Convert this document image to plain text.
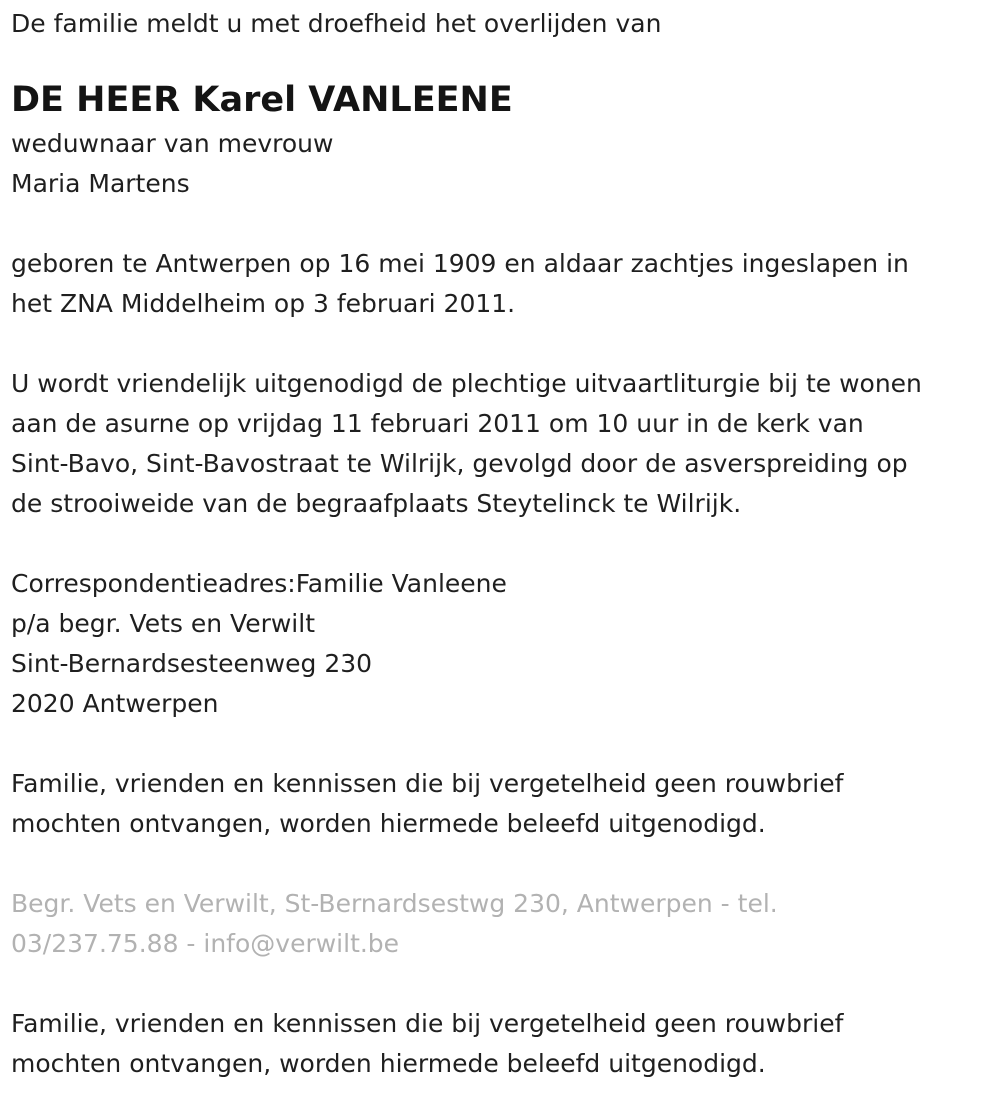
De familie meldt u met droefheid het overlijden van

DE HEER Karel VANLEENE

weduwnaar van mevrouw

Maria Martens

geboren te Antwerpen op 16 mei 1909 en aldaar zachtjes ingeslapen in

het ZNA Middelheim op 3 februari 2011.

U wordt vriendelijk uitgenodigd de plechtige uitvaartliturgie bij te wonen

aan de asurne op vrijdag 11 februari 2011 om 10 uur in de kerk van

Sint-Bavo, Sint-Bavostraat te Wilrijk, gevolgd door de asverspreiding op

de strooiweide van de begraafplaats Steytelinck te Wilrijk.

Correspondentieadres:Familie Vanleene

p/a begr. Vets en Verwilt

Sint-Bernardsesteenweg 230

2020 Antwerpen

Familie, vrienden en kennissen die bij vergetelheid geen rouwbrief

mochten ontvangen, worden hiermede beleefd uitgenodigd.

Begr. Vets en Verwilt, St-Bernardsestwg 230, Antwerpen - tel.

03/237.75.88 - info@verwilt.be

Familie, vrienden en kennissen die bij vergetelheid geen rouwbrief

mochten ontvangen, worden hiermede beleefd uitgenodigd.
